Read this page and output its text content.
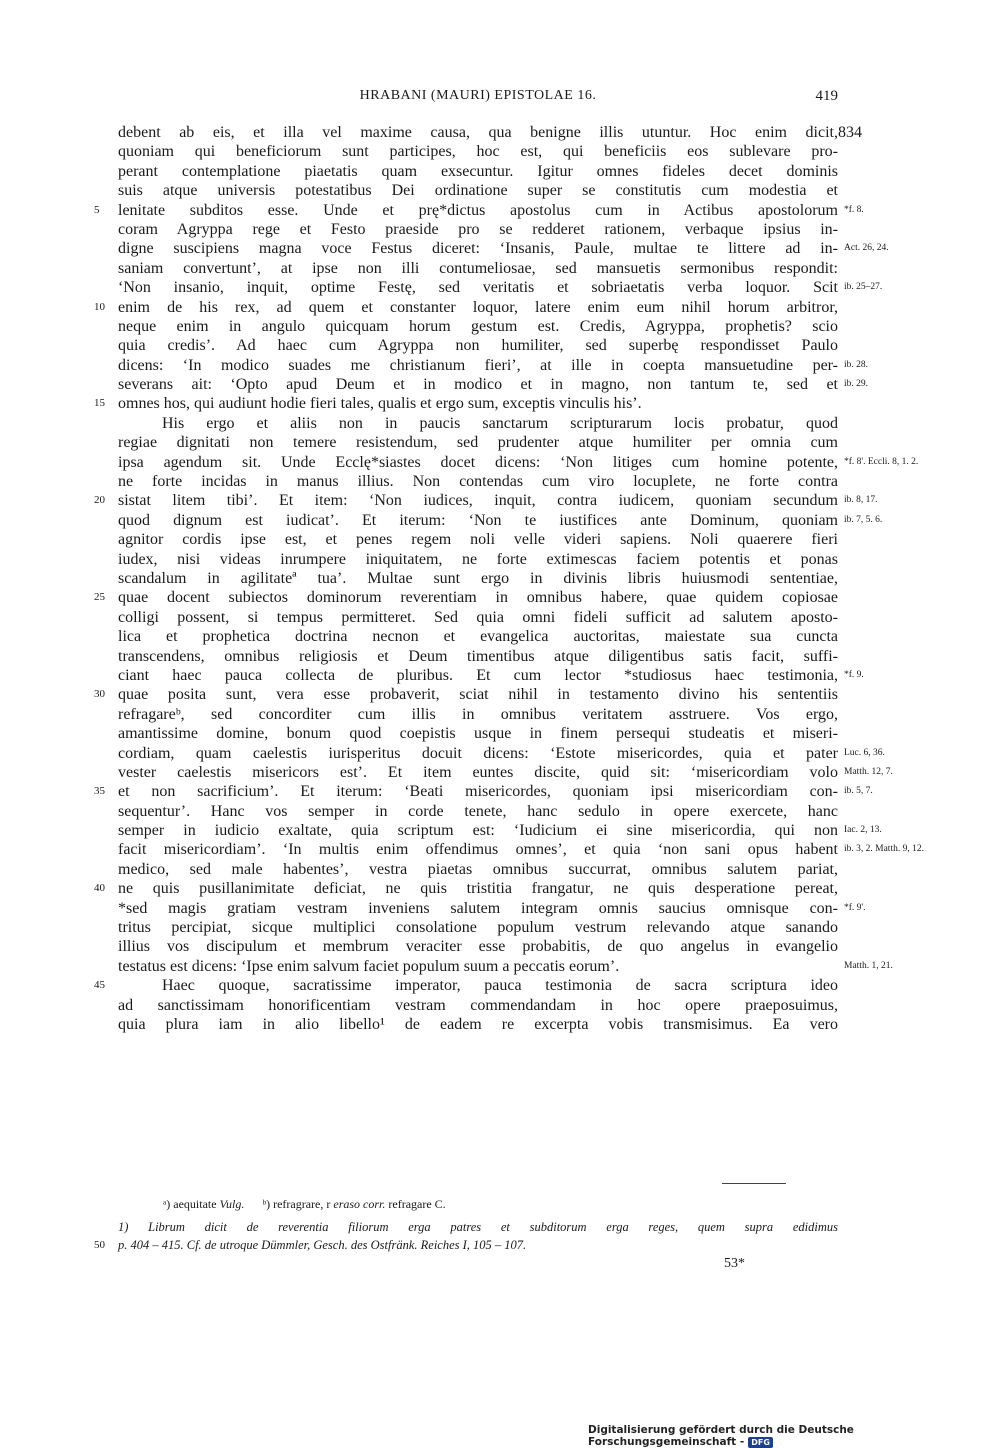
HRABANI (MAURI) EPISTOLAE 16.	419
834
debent ab eis, et illa vel maxime causa, qua benigne illis utuntur. Hoc enim dicit,
quoniam qui beneficiorum sunt participes, hoc est, qui beneficiis eos sublevare pro-
perant contemplatione piaetatis quam exsecuntur. Igitur omnes fideles decet dominis
suis atque universis potestatibus Dei ordinatione super se constitutis cum modestia et
lenitate subditos esse. Unde et prę*dictus apostolus cum in Actibus apostolorum
5	*f. 8.
coram Agryppa rege et Festo praeside pro se redderet rationem, verbaque ipsius in-
digne suscipiens magna voce Festus diceret: ‘Insanis, Paule, multae te littere ad in- Act. 26, 24.
saniam convertunt’, at ipse non illi contumeliosae, sed mansuetis sermonibus respondit:
‘Non insanio, inquit, optime Festę, sed veritatis et sobriaetatis verba loquor. Scit ib. 25–27.
enim de his rex, ad quem et constanter loquor, latere enim eum nihil horum arbitror,
10
neque enim in angulo quicquam horum gestum est. Credis, Agryppa, prophetis? scio
quia credis’. Ad haec cum Agryppa non humiliter, sed superbę respondisset Paulo
dicens: ‘In modico suades me christianum fieri’, at ille in coepta mansuetudine per- ib. 28.
severans ait: ‘Opto apud Deum et in modico et in magno, non tantum te, sed et ib. 29.
omnes hos, qui audiunt hodie fieri tales, qualis et ergo sum, exceptis vinculis his’.
15
His ergo et aliis non in paucis sanctarum scripturarum locis probatur, quod
regiae dignitati non temere resistendum, sed prudenter atque humiliter per omnia cum
ipsa agendum sit. Unde Ecclę*siastes docet dicens: ‘Non litiges cum homine potente, *f. 8'. Eccli. 8, 1. 2.
ne forte incidas in manus illius. Non contendas cum viro locuplete, ne forte contra
sistat litem tibi’. Et item: ‘Non iudices, inquit, contra iudicem, quoniam secundum
20	ib. 8, 17.
quod dignum est iudicat’. Et iterum: ‘Non te iustifices ante Dominum, quoniam ib. 7, 5. 6.
agnitor cordis ipse est, et penes regem noli velle videri sapiens. Noli quaerere fieri
iudex, nisi videas inrumpere iniquitatem, ne forte extimescas faciem potentis et ponas
scandalum in agilitateª tua’. Multae sunt ergo in divinis libris huiusmodi sententiae,
quae docent subiectos dominorum reverentiam in omnibus habere, quae quidem copiosae
25
colligi possent, si tempus permitteret. Sed quia omni fideli sufficit ad salutem aposto-
lica et prophetica doctrina necnon et evangelica auctoritas, maiestate sua cuncta
transcendens, omnibus religiosis et Deum timentibus atque diligentibus satis facit, suffi-
ciant haec pauca collecta de pluribus. Et cum lector *studiosus haec testimonia, *f. 9.
quae posita sunt, vera esse probaverit, sciat nihil in testamento divino his sententiis
30
refragareᵇ, sed concorditer cum illis in omnibus veritatem asstruere. Vos ergo,
amantissime domine, bonum quod coepistis usque in finem persequi studeatis et miseri-
cordiam, quam caelestis iurisperitus docuit dicens: ‘Estote misericordes, quia et pater Luc. 6, 36.
vester caelestis misericors est’. Et item euntes discite, quid sit: ‘misericordiam volo Matth. 12, 7.
et non sacrificium’. Et iterum: ‘Beati misericordes, quoniam ipsi misericordiam con-
35	ib. 5, 7.
sequentur’. Hanc vos semper in corde tenete, hanc sedulo in opere exercete, hanc
semper in iudicio exaltate, quia scriptum est: ‘Iudicium ei sine misericordia, qui non Iac. 2, 13.
facit misericordiam’. ‘In multis enim offendimus omnes’, et quia ‘non sani opus habent ib. 3, 2. Matth. 9, 12.
medico, sed male habentes’, vestra piaetas omnibus succurrat, omnibus salutem pariat,
ne quis pusillanimitate deficiat, ne quis tristitia frangatur, ne quis desperatione pereat,
40
*sed magis gratiam vestram inveniens salutem integram omnis saucius omnisque con- *f. 9'.
tritus percipiat, sicque multiplici consolatione populum vestrum relevando atque sanando
illius vos discipulum et membrum veraciter esse probabitis, de quo angelus in evangelio
testatus est dicens: ‘Ipse enim salvum faciet populum suum a peccatis eorum’.	Matth. 1, 21.
Haec quoque, sacratissime imperator, pauca testimonia de sacra scriptura ideo
45
ad sanctissimam honorificentiam vestram commendandam in hoc opere praeposuimus,
quia plura iam in alio libello¹ de eadem re excerpta vobis transmisimus. Ea vero
ᵃ) aequitate Vulg. ᵇ) refragrare, r eraso corr. refragare C.
1) Librum dicit de reverentia filiorum erga patres et subditorum erga reges, quem supra edidimus
50	p. 404 – 415. Cf. de utroque Dümmler, Gesch. des Ostfränk. Reiches I, 105 – 107.
53*
Digitalisierung gefördert durch die Deutsche Forschungsgemeinschaft - DFG
